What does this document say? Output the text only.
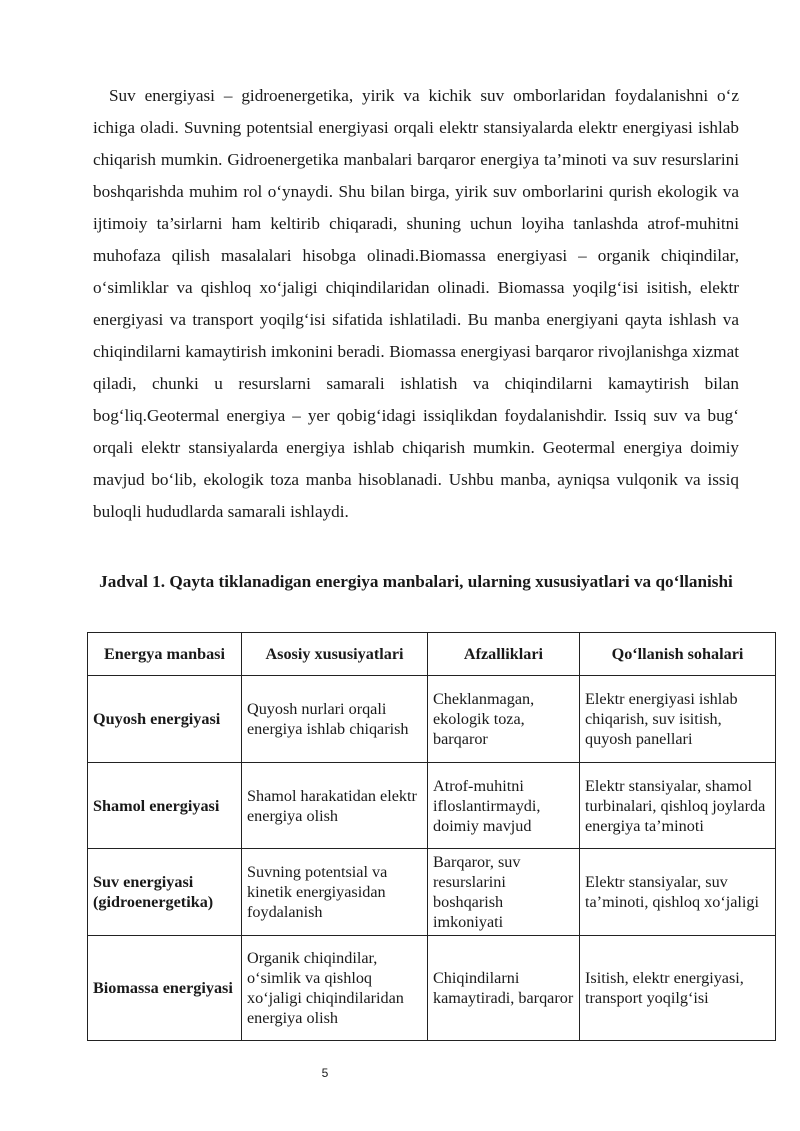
Suv energiyasi – gidroenergetika, yirik va kichik suv omborlaridan foydalanishni o‘z ichiga oladi. Suvning potentsial energiyasi orqali elektr stansiyalarda elektr energiyasi ishlab chiqarish mumkin. Gidroenergetika manbalari barqaror energiya ta’minoti va suv resurslarini boshqarishda muhim rol o‘ynaydi. Shu bilan birga, yirik suv omborlarini qurish ekologik va ijtimoiy ta’sirlarni ham keltirib chiqaradi, shuning uchun loyiha tanlashda atrof-muhitni muhofaza qilish masalalari hisobga olinadi.Biomassa energiyasi – organik chiqindilar, o‘simliklar va qishloq xo‘jaligi chiqindilaridan olinadi. Biomassa yoqilg‘isi isitish, elektr energiyasi va transport yoqilg‘isi sifatida ishlatiladi. Bu manba energiyani qayta ishlash va chiqindilarni kamaytirish imkonini beradi. Biomassa energiyasi barqaror rivojlanishga xizmat qiladi, chunki u resurslarni samarali ishlatish va chiqindilarni kamaytirish bilan bog‘liq.Geotermal energiya – yer qobig‘idagi issiqlikdan foydalanishdir. Issiq suv va bug‘ orqali elektr stansiyalarda energiya ishlab chiqarish mumkin. Geotermal energiya doimiy mavjud bo‘lib, ekologik toza manba hisoblanadi. Ushbu manba, ayniqsa vulqonik va issiq buloqli hududlarda samarali ishlaydi.

Jadval 1. Qayta tiklanadigan energiya manbalari, ularning xususiyatlari va qo‘llanishi

Energya manbasi	Asosiy xususiyatlari	Afzalliklari	Qo‘llanish sohalari
Quyosh energiyasi	Quyosh nurlari orqali energiya ishlab chiqarish	Cheklanmagan, ekologik toza, barqaror	Elektr energiyasi ishlab chiqarish, suv isitish, quyosh panellari
Shamol energiyasi	Shamol harakatidan elektr energiya olish	Atrof-muhitni ifloslantirmaydi, doimiy mavjud	Elektr stansiyalar, shamol turbinalari, qishloq joylarda energiya ta’minoti
Suv energiyasi (gidroenergetika)	Suvning potentsial va kinetik energiyasidan foydalanish	Barqaror, suv resurslarini boshqarish imkoniyati	Elektr stansiyalar, suv ta’minoti, qishloq xo‘jaligi
Biomassa energiyasi	Organik chiqindilar, o‘simlik va qishloq xo‘jaligi chiqindilaridan energiya olish	Chiqindilarni kamaytiradi, barqaror	Isitish, elektr energiyasi, transport yoqilg‘isi
5
